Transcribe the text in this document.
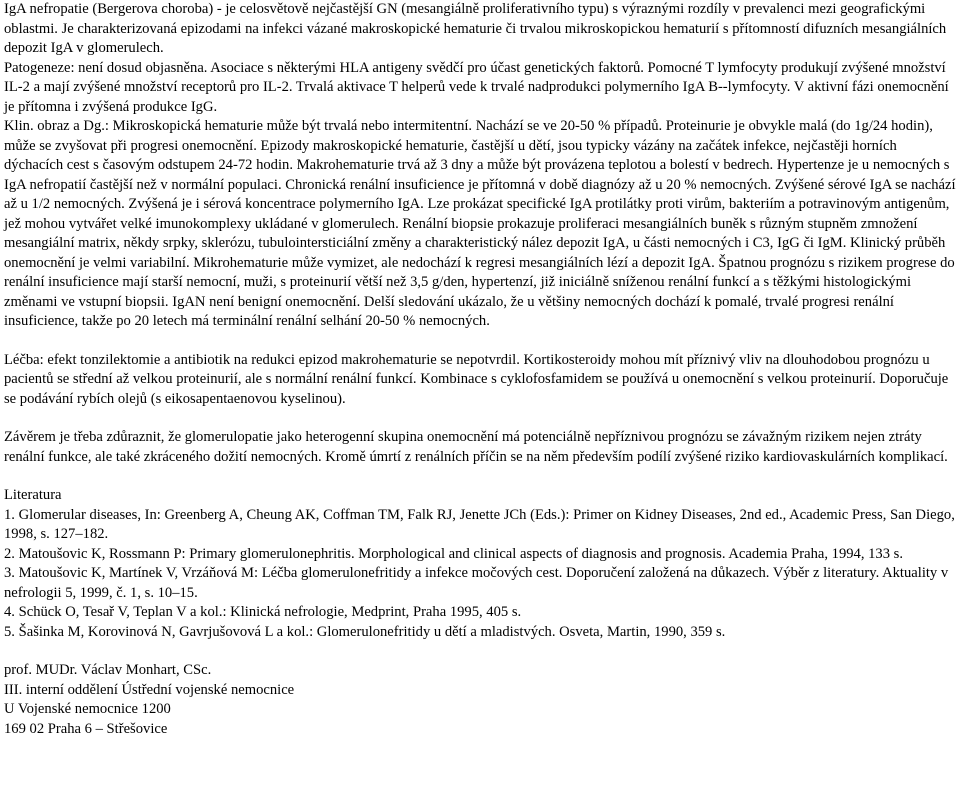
IgA nefropatie (Bergerova choroba) - je celosvětově nejčastější GN (mesangiálně proliferativního typu) s výraznými rozdíly v prevalenci mezi geografickými oblastmi. Je charakterizovaná epizodami na infekci vázané makroskopické hematurie či trvalou mikroskopickou hematurií s přítomností difuzních mesangiálních depozit IgA v glomerulech.

Patogeneze: není dosud objasněna. Asociace s některými HLA antigeny svědčí pro účast genetických faktorů. Pomocné T lymfocyty produkují zvýšené množství IL-2 a mají zvýšené množství receptorů pro IL-2. Trvalá aktivace T helperů vede k trvalé nadprodukci polymerního IgA B--lymfocyty. V aktivní fázi onemocnění je přítomna i zvýšená produkce IgG.

Klin. obraz a Dg.: Mikroskopická hematurie může být trvalá nebo intermitentní. Nachází se ve 20-50 % případů. Proteinurie je obvykle malá (do 1g/24 hodin), může se zvyšovat při progresi onemocnění. Epizody makroskopické hematurie, častější u dětí, jsou typicky vázány na začátek infekce, nejčastěji horních dýchacích cest s časovým odstupem 24-72 hodin. Makrohematurie trvá až 3 dny a může být provázena teplotou a bolestí v bedrech. Hypertenze je u nemocných s IgA nefropatií častější než v normální populaci. Chronická renální insuficience je přítomná v době diagnózy až u 20 % nemocných. Zvýšené sérové IgA se nachází až u 1/2 nemocných. Zvýšená je i sérová koncentrace polymerního IgA. Lze prokázat specifické IgA protilátky proti virům, bakteriím a potravinovým antigenům, jež mohou vytvářet velké imunokomplexy ukládané v glomerulech. Renální biopsie prokazuje proliferaci mesangiálních buněk s různým stupněm zmnožení mesangiální matrix, někdy srpky, sklerózu, tubulointersticiální změny a charakteristický nález depozit IgA, u části nemocných i C3, IgG či IgM. Klinický průběh onemocnění je velmi variabilní. Mikrohematurie může vymizet, ale nedochází k regresi mesangiálních lézí a depozit IgA. Špatnou prognózu s rizikem progrese do renální insuficience mají starší nemocní, muži, s proteinurií větší než 3,5 g/den, hypertenzí, již iniciálně sníženou renální funkcí a s těžkými histologickými změnami ve vstupní biopsii. IgAN není benigní onemocnění. Delší sledování ukázalo, že u většiny nemocných dochází k pomalé, trvalé progresi renální insuficience, takže po 20 letech má terminální renální selhání 20-50 % nemocných.

Léčba: efekt tonzilektomie a antibiotik na redukci epizod makrohematurie se nepotvrdil. Kortikosteroidy mohou mít příznivý vliv na dlouhodobou prognózu u pacientů se střední až velkou proteinurií, ale s normální renální funkcí. Kombinace s cyklofosfamidem se používá u onemocnění s velkou proteinurií. Doporučuje se podávání rybích olejů (s eikosapentaenovou kyselinou).

Závěrem je třeba zdůraznit, že glomerulopatie jako heterogenní skupina onemocnění má potenciálně nepříznivou prognózu se závažným rizikem nejen ztráty renální funkce, ale také zkráceného dožití nemocných. Kromě úmrtí z renálních příčin se na něm především podílí zvýšené riziko kardiovaskulárních komplikací.

Literatura

1. Glomerular diseases, In: Greenberg A, Cheung AK, Coffman TM, Falk RJ, Jenette JCh (Eds.): Primer on Kidney Diseases, 2nd ed., Academic Press, San Diego, 1998, s. 127–182.

2. Matoušovic K, Rossmann P: Primary glomerulonephritis. Morphological and clinical aspects of diagnosis and prognosis. Academia Praha, 1994, 133 s.

3. Matoušovic K, Martínek V, Vrzáňová M: Léčba glomerulonefritidy a infekce močových cest. Doporučení založená na důkazech. Výběr z literatury. Aktuality v nefrologii 5, 1999, č. 1, s. 10–15.

4. Schück O, Tesař V, Teplan V a kol.: Klinická nefrologie, Medprint, Praha 1995, 405 s.

5. Šašinka M, Korovinová N, Gavrjušovová L a kol.: Glomerulonefritidy u dětí a mladistvých. Osveta, Martin, 1990, 359 s.

prof. MUDr. Václav Monhart, CSc.

III. interní oddělení Ústřední vojenské nemocnice

U Vojenské nemocnice 1200

169 02 Praha 6 – Střešovice
